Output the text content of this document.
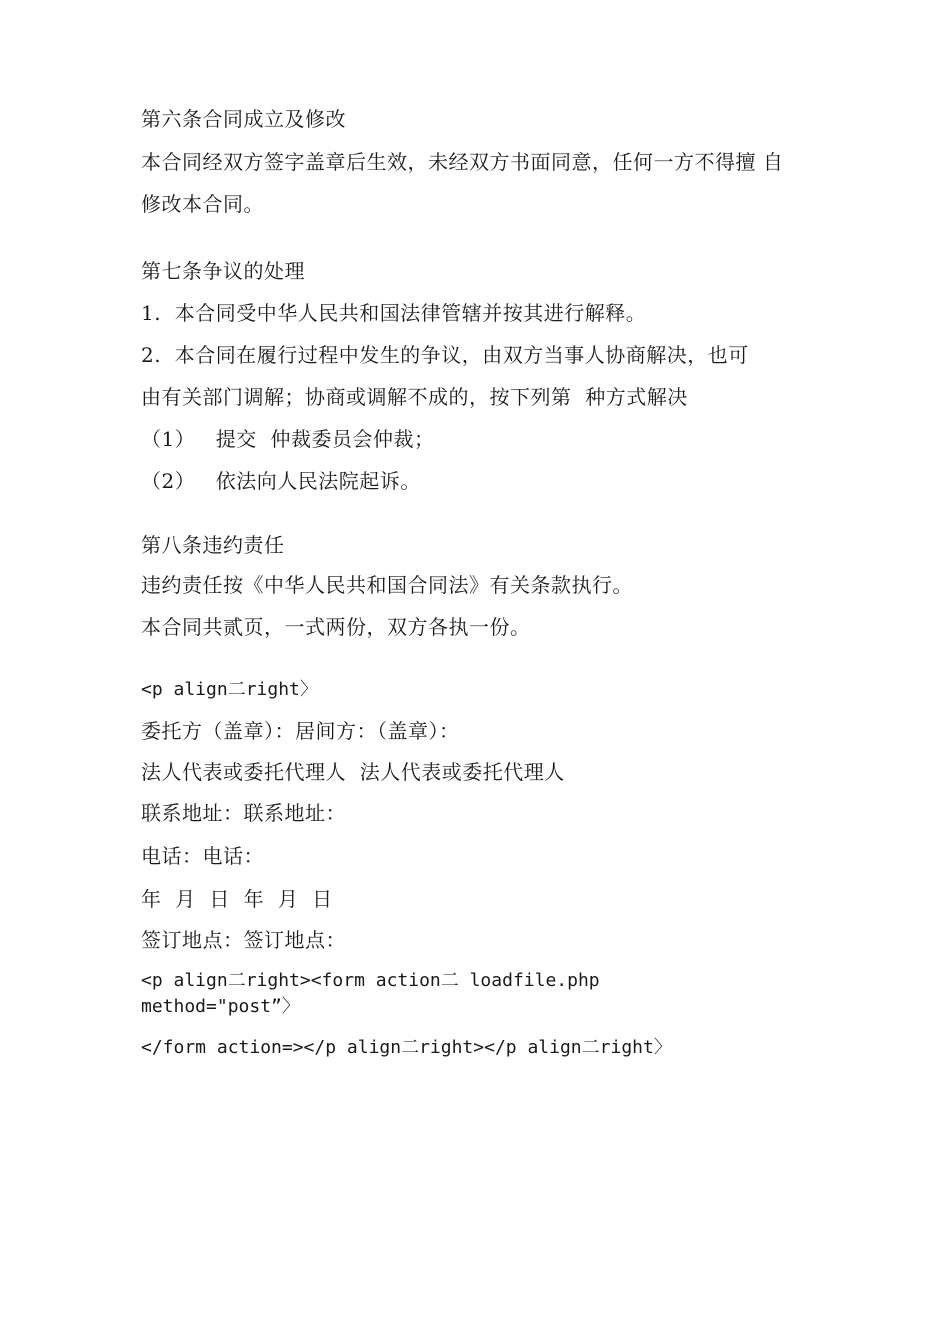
第六条合同成立及修改
本合同经双方签字盖章后生效，未经双方书面同意，任何一方不得擅 自
修改本合同。
第七条争议的处理
1.  本合同受中华人民共和国法律管辖并按其进行解释。
2.  本合同在履行过程中发生的争议，由双方当事人协商解决，也可
由有关部门调解；协商或调解不成的，按下列第  种方式解决
（1）   提交  仲裁委员会仲裁；
（2）   依法向人民法院起诉。
第八条违约责任
违约责任按《中华人民共和国合同法》有关条款执行。
本合同共贰页，一式两份，双方各执一份。
<p align二right〉
委托方（盖章）：居间方：（盖章）：
法人代表或委托代理人  法人代表或委托代理人
联系地址：联系地址：
电话：电话：
年  月  日  年  月  日
签订地点：签订地点：
<p align二right><form action二 loadfile.php
method="post”〉
</form action=></p align二right></p align二right〉
